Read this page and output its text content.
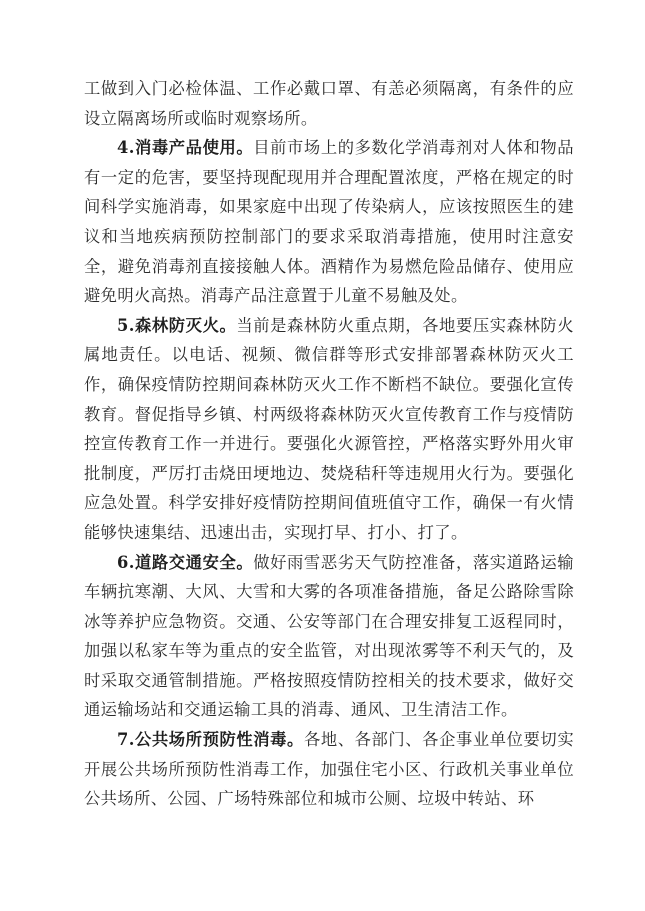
工做到入门必检体温、工作必戴口罩、有恙必须隔离，有条件的应设立隔离场所或临时观察场所。

4.消毒产品使用。目前市场上的多数化学消毒剂对人体和物品有一定的危害，要坚持现配现用并合理配置浓度，严格在规定的时间科学实施消毒，如果家庭中出现了传染病人，应该按照医生的建议和当地疾病预防控制部门的要求采取消毒措施，使用时注意安全，避免消毒剂直接接触人体。酒精作为易燃危险品储存、使用应避免明火高热。消毒产品注意置于儿童不易触及处。

5.森林防灭火。当前是森林防火重点期，各地要压实森林防火属地责任。以电话、视频、微信群等形式安排部署森林防灭火工作，确保疫情防控期间森林防灭火工作不断档不缺位。要强化宣传教育。督促指导乡镇、村两级将森林防灭火宣传教育工作与疫情防控宣传教育工作一并进行。要强化火源管控，严格落实野外用火审批制度，严厉打击烧田埂地边、焚烧秸秆等违规用火行为。要强化应急处置。科学安排好疫情防控期间值班值守工作，确保一有火情能够快速集结、迅速出击，实现打早、打小、打了。

6.道路交通安全。做好雨雪恶劣天气防控准备，落实道路运输车辆抗寒潮、大风、大雪和大雾的各项准备措施，备足公路除雪除冰等养护应急物资。交通、公安等部门在合理安排复工返程同时，加强以私家车等为重点的安全监管，对出现浓雾等不利天气的，及时采取交通管制措施。严格按照疫情防控相关的技术要求，做好交通运输场站和交通运输工具的消毒、通风、卫生清洁工作。

7.公共场所预防性消毒。各地、各部门、各企事业单位要切实开展公共场所预防性消毒工作，加强住宅小区、行政机关事业单位公共场所、公园、广场特殊部位和城市公厕、垃圾中转站、环
